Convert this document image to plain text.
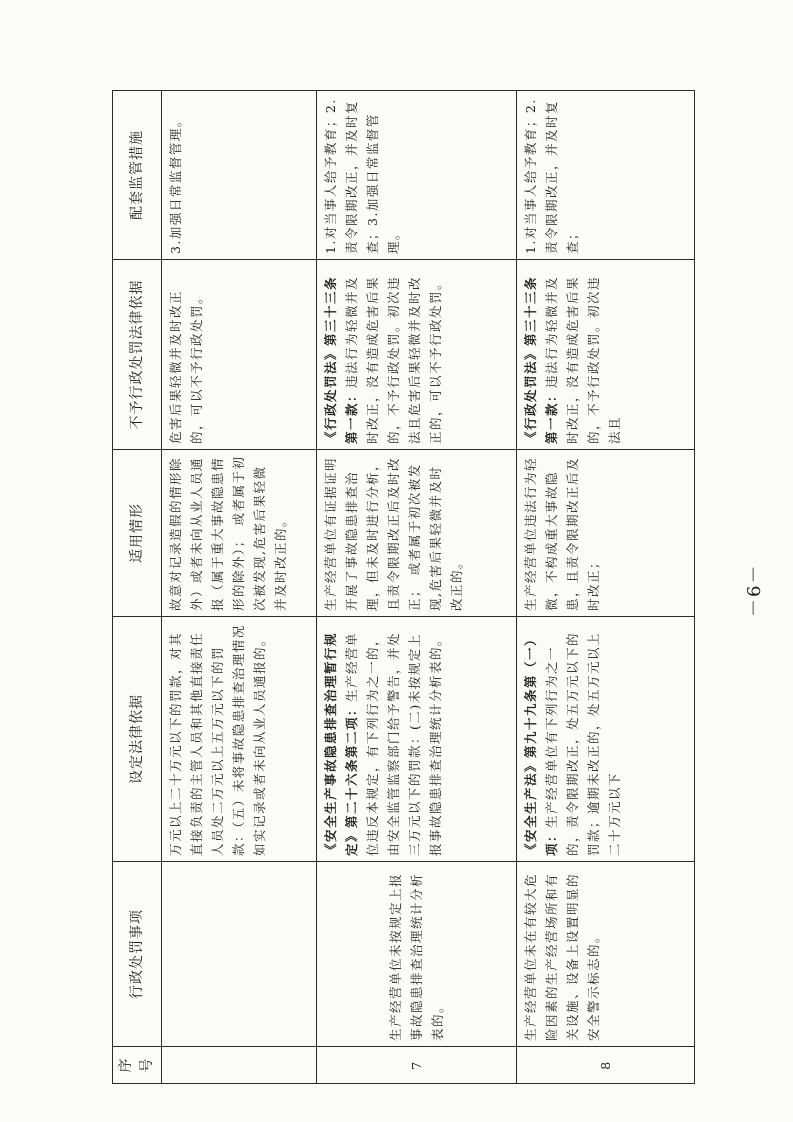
序号	行政处罚事项	设定法律依据	适用情形	不予行政处罚法律依据	配套监管措施
		万元以上二十万元以下的罚款，对其直接负责的主管人员和其他直接责任人员处二万元以上五万元以下的罚款：（五）未将事故隐患排查治理情况如实记录或者未向从业人员通报的。	故意对记录造假的情形除外）或者未向从业人员通报（属于重大事故隐患情形的除外）；　或者属于初次被发现,危害后果轻微并及时改正的。	危害后果轻微并及时改正的，可以不予行政处罚。	3.加强日常监督管理。
7	生产经营单位未按规定上报事故隐患排查治理统计分析表的。	《安全生产事故隐患排查治理暂行规定》第二十六条第二项：生产经营单位违反本规定，有下列行为之一的，由安全监管监察部门给予警告，并处三万元以下的罚款：(二)未按规定上报事故隐患排查治理统计分析表的。	生产经营单位有证据证明开展了事故隐患排查治理，但未及时进行分析，且责令限期改正后及时改正；　或者属于初次被发现,危害后果轻微并及时改正的。	《行政处罚法》第三十三条第一款：违法行为轻微并及时改正，没有造成危害后果的，不予行政处罚。初次违法且危害后果轻微并及时改正的，可以不予行政处罚。	1.对当事人给予教育；2.责令限期改正，并及时复查；3.加强日常监督管理。
8	生产经营单位未在有较大危险因素的生产经营场所和有关设施、设备上设置明显的安全警示标志的。	《安全生产法》第九十九条第（一）项：生产经营单位有下列行为之一的，责令限期改正，处五万元以下的罚款；逾期未改正的，处五万元以上二十万元以下	生产经营单位违法行为轻微，不构成重大事故隐患，且责令限期改正后及时改正；	《行政处罚法》第三十三条第一款：违法行为轻微并及时改正，没有造成危害后果的，不予行政处罚。初次违法且	1.对当事人给予教育；2.责令限期改正，并及时复查；
－6－
